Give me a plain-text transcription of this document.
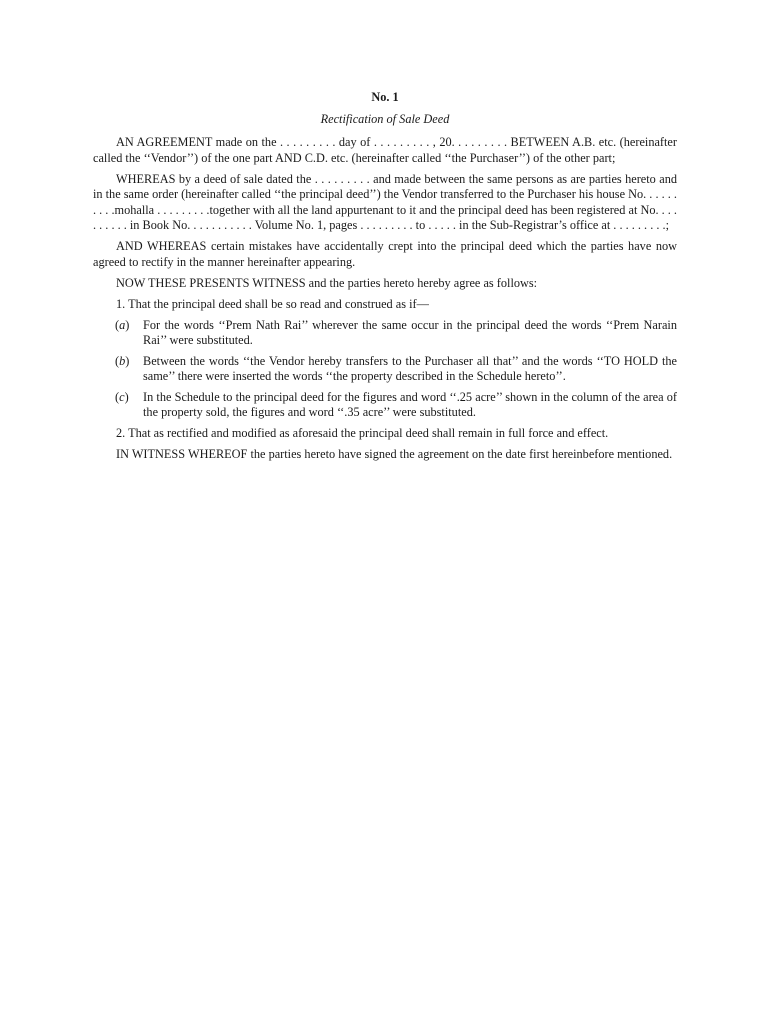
No. 1
Rectification of Sale Deed

AN AGREEMENT made on the . . . . . . . . . day of . . . . . . . . . , 20. . . . . . . . . BETWEEN A.B. etc. (hereinafter called the ‘‘Vendor’’) of the one part AND C.D. etc. (hereinafter called ‘‘the Purchaser’’) of the other part;

WHEREAS by a deed of sale dated the . . . . . . . . . and made between the same persons as are parties hereto and in the same order (hereinafter called ‘‘the principal deed’’) the Vendor transferred to the Purchaser his house No. . . . . . . . . .mohalla . . . . . . . . .together with all the land appurtenant to it and the principal deed has been registered at No. . . . . . . . . . in Book No. . . . . . . . . . . Volume No. 1, pages . . . . . . . . . to . . . . . in the Sub-Registrar’s office at . . . . . . . . .;

AND WHEREAS certain mistakes have accidentally crept into the principal deed which the parties have now agreed to rectify in the manner hereinafter appearing.

NOW THESE PRESENTS WITNESS and the parties hereto hereby agree as follows:

1. That the principal deed shall be so read and construed as if—

(a)	For the words ‘‘Prem Nath Rai’’ wherever the same occur in the principal deed the words ‘‘Prem Narain Rai’’ were substituted.
(b)	Between the words ‘‘the Vendor hereby transfers to the Purchaser all that’’ and the words ‘‘TO HOLD the same’’ there were inserted the words ‘‘the property described in the Schedule hereto’’.
(c)	In the Schedule to the principal deed for the figures and word ‘‘.25 acre’’ shown in the column of the area of the property sold, the figures and word ‘‘.35 acre’’ were substituted.

2. That as rectified and modified as aforesaid the principal deed shall remain in full force and effect.

IN WITNESS WHEREOF the parties hereto have signed the agreement on the date first hereinbefore mentioned.
